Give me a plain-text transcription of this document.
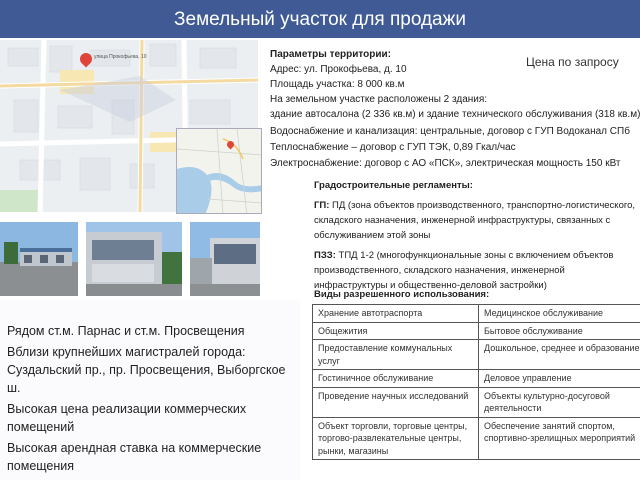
Земельный участок для продажи
улица Прокофьева, 10	Параметры территории:
Адрес: ул. Прокофьева, д. 10
Площадь участка: 8 000 кв.м
На земельном участке расположены 2 здания:
здание автосалона (2 336 кв.м) и здание технического обслуживания (318 кв.м)
Цена по запросу
Водоснабжение и канализация: центральные, договор с ГУП Водоканал СПб
Теплоснабжение – договор с ГУП ТЭК, 0,89 Гкал/час
Электроснабжение: договор с АО «ПСК», электрическая мощность 150 кВт
Рядом ст.м. Парнас и ст.м. Просвещения
Вблизи крупнейших магистралей города: Суздальский пр., пр. Просвещения, Выборгское ш.
Высокая цена реализации коммерческих помещений
Высокая арендная ставка на коммерческие помещения
Градостроительные регламенты:
ГП: ПД (зона объектов производственного, транспортно-логистического, складского назначения, инженерной инфраструктуры, связанных с обслуживанием этой зоны
ПЗЗ: ТПД 1-2 (многофункциональные зоны с включением объектов производственного, складского назначения, инженерной инфраструктуры и общественно-деловой застройки)
Виды разрешенного использования:
Хранение автотраспорта	Медицинское обслуживание
Общежития	Бытовое обслуживание
Предоставление коммунальных услуг	Дошкольное, среднее и образование
Гостиничное обслуживание	Деловое управление
Проведение научных исследований	Объекты культурно-досуговой деятельности
Объект торговли, торговые центры, торгово-развлекательные центры, рынки, магазины	Обеспечение занятий спортом, спортивно-зрелищных мероприятий
